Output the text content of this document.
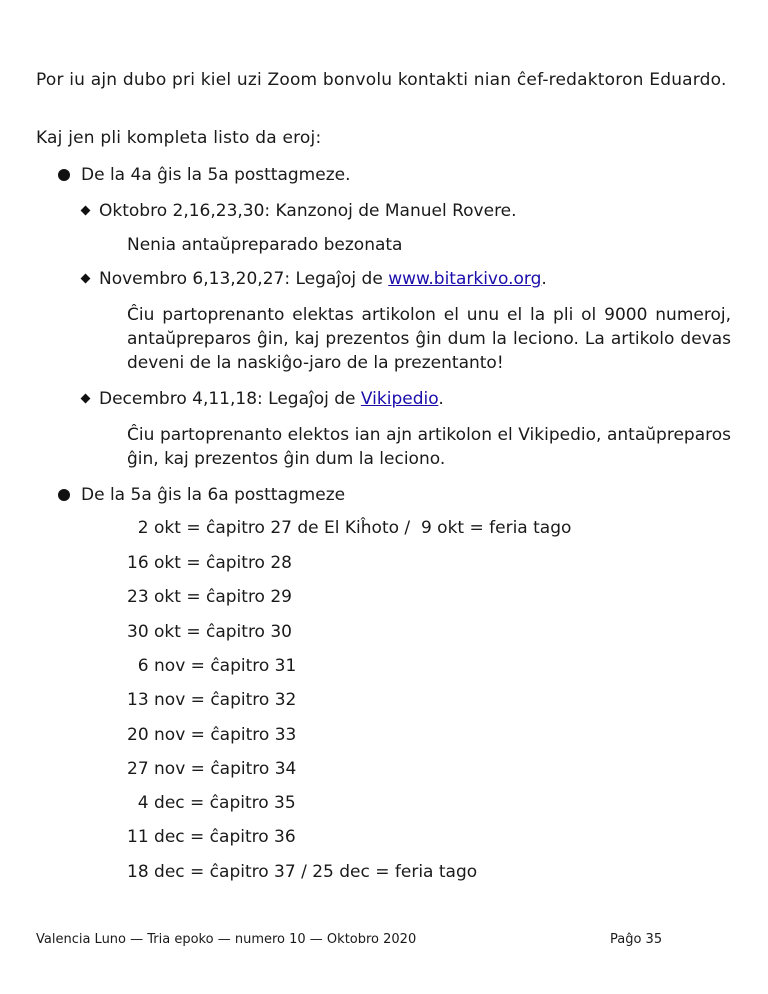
Por iu ajn dubo pri kiel uzi Zoom bonvolu kontakti nian ĉef-redaktoron Eduardo.
Kaj jen pli kompleta listo da eroj:
De la 4a ĝis la 5a posttagmeze.
Oktobro 2,16,23,30: Kanzonoj de Manuel Rovere.
Nenia antaŭpreparado bezonata
Novembro 6,13,20,27: Legaĵoj de www.bitarkivo.org.
Ĉiu partoprenanto elektas artikolon el unu el la pli ol 9000 numeroj, antaŭpreparos ĝin, kaj prezentos ĝin dum la leciono. La artikolo devas deveni de la naskiĝo-jaro de la prezentanto!
Decembro 4,11,18: Legaĵoj de Vikipedio.
Ĉiu partoprenanto elektos ian ajn artikolon el Vikipedio, antaŭpreparos ĝin, kaj prezentos ĝin dum la leciono.
De la 5a ĝis la 6a posttagmeze
2 okt = ĉapitro 27 de El Kiĥoto /  9 okt = feria tago
16 okt = ĉapitro 28
23 okt = ĉapitro 29
30 okt = ĉapitro 30
6 nov = ĉapitro 31
13 nov = ĉapitro 32
20 nov = ĉapitro 33
27 nov = ĉapitro 34
4 dec = ĉapitro 35
11 dec = ĉapitro 36
18 dec = ĉapitro 37 / 25 dec = feria tago
Valencia Luno — Tria epoko — numero 10 — Oktobro 2020	Paĝo 35
